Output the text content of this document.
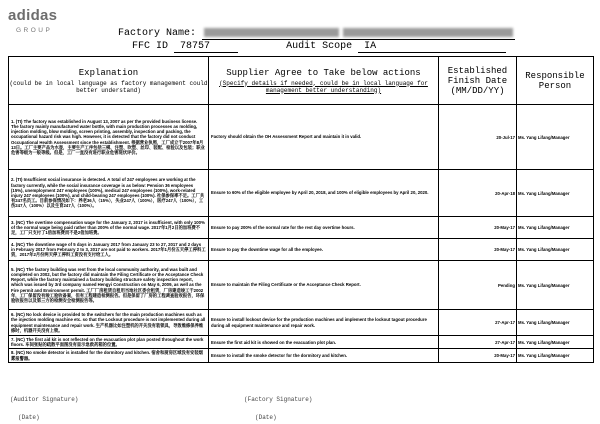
adidas
GROUP	Factory Name:
FFC ID 78757	Audit Scope IA
Explanation
(could be in local language as factory management could better understand)	Supplier Agree to Take below actions
(Specify details if needed, could be in local language for management better understanding)	Established Finish Date (MM/DD/YY)	Responsible Person

1. (TI) The factory was established in August 13, 2007 as per the provided business license. The factory mainly manufactured water bottle, with main production processes as molding, injection molding, blow molding, screen printing, assembly, inspection and packing, the occupational hazard risk was high. However, it is detected that the factory did not conduct Occupational Health Assessment since the establishment. 根据营业执照，工厂成立于2007年8月13日。工厂主要产品为水壶，主要生产工序包括三模、注塑、吹塑、丝印、装配、检验以及包装；职业危害等级为一般等级。但是，工厂一直没有进行职业危害现状评价。	Factory should obtain the OH Assessment Report and maintain it in valid.	20-Jul-17	Ms. Yang Lifang/Manager
2. (TI) Insufficient social insurance is detected. A total of 247 employees are working at the factory currently, while the social insurance coverage is as below: Pension 36 employees (15%), unemployment 247 employees (100%), medical 247 employees (100%), work-related injury 247 employees (100%), and child-bearing 247 employees (100%). 社保参保率不足。工厂共有247名员工。目前参保情况如下：养老36人（15%），失业247人（100%），医疗247人（100%），工伤247人（100%）以及生育247人（100%）。	Ensure to 60% of the eligible employee by April 20, 2018, and 100% of eligible employees by April 20, 2020.	20-Apr-18	Ms. Yang Lifang/Manager
3. (NC) The overtime compensation wage for the January 2, 2017 is insufficient, with only 100% of the normal wage being paid rather than 200% of the normal wage. 2017年1月2日的加班费不足，工厂只支付了1倍加班费而不是2倍加班费。	Ensure to pay 200% of the normal rate for the rest day overtime hours.	20-May-17	Ms. Yang Lifang/Manager
4. (NC) The downtime wage of 5 days in January 2017 from January 23 to 27, 2017 and 2 days in February 2017 from February 2 to 3, 2017 are not paid to workers. 2017年1月份五天停工停料工资，2017年2月份两天停工停料工资没有支付给工人。	Ensure to pay the downtime wage for all the employee.	20-May-17	Ms. Yang Lifang/Manager
5. (NC) The factory building was rent from the local community authority, and was built and completed on 2002, but the factory did maintain the Filing Certificate or the Acceptance Check Report, while the factory maintained a factory building structure safety inspection report, which was issued by 3rd company named Hengyi Construction on May 6, 2009, as well as the Fire permit and Environment permit. 工厂厂房租赁自租用当地社区委会租赁，厂房建造竣工于2002年，工厂保留没有竣工验收备案，但有工程建造检测报告。但是保留了厂房的工程调查验收报告，环保验收报告以及第三方的检测安全检测报告等。	Ensure to maintain the Filing Certificate or the Acceptance Check Report.	Pending	Ms. Yang Lifang/Manager
6. (NC) No lock device is provided to the switchers for the main production machines such as the injection molding machine etc. so that the Lockout procedure is not implemented during all equipment maintenance and repair work. 生产机器比如注塑机的开关没有装锁具，导致维修保养维修时，机器开关没有上锁。	Ensure to install lockout device for the production machines and implement the lockout tagout procedure during all equipment maintenance and repair work.	27-Apr-17	Ms. Yang Lifang/Manager
7. (NC) The first aid kit is not reflected on the evacuation plot plan posted throughout the work floors. 车间张贴的疏散平面图没有显示急救药箱的位置。	Ensure the first aid kit is showed on the evacuation plot plan.	27-Apr-17	Ms. Yang Lifang/Manager
8. (NC) No smoke detector is installed for the dormitory and kitchen. 宿舍和厨房区域没有安装烟雾报警器。	Ensure to install the smoke detector for the dormitory and kitchen.	20-May-17	Ms. Yang Lifang/Manager
(Auditor Signature)	(Factory Signature)
(Date)	(Date)
